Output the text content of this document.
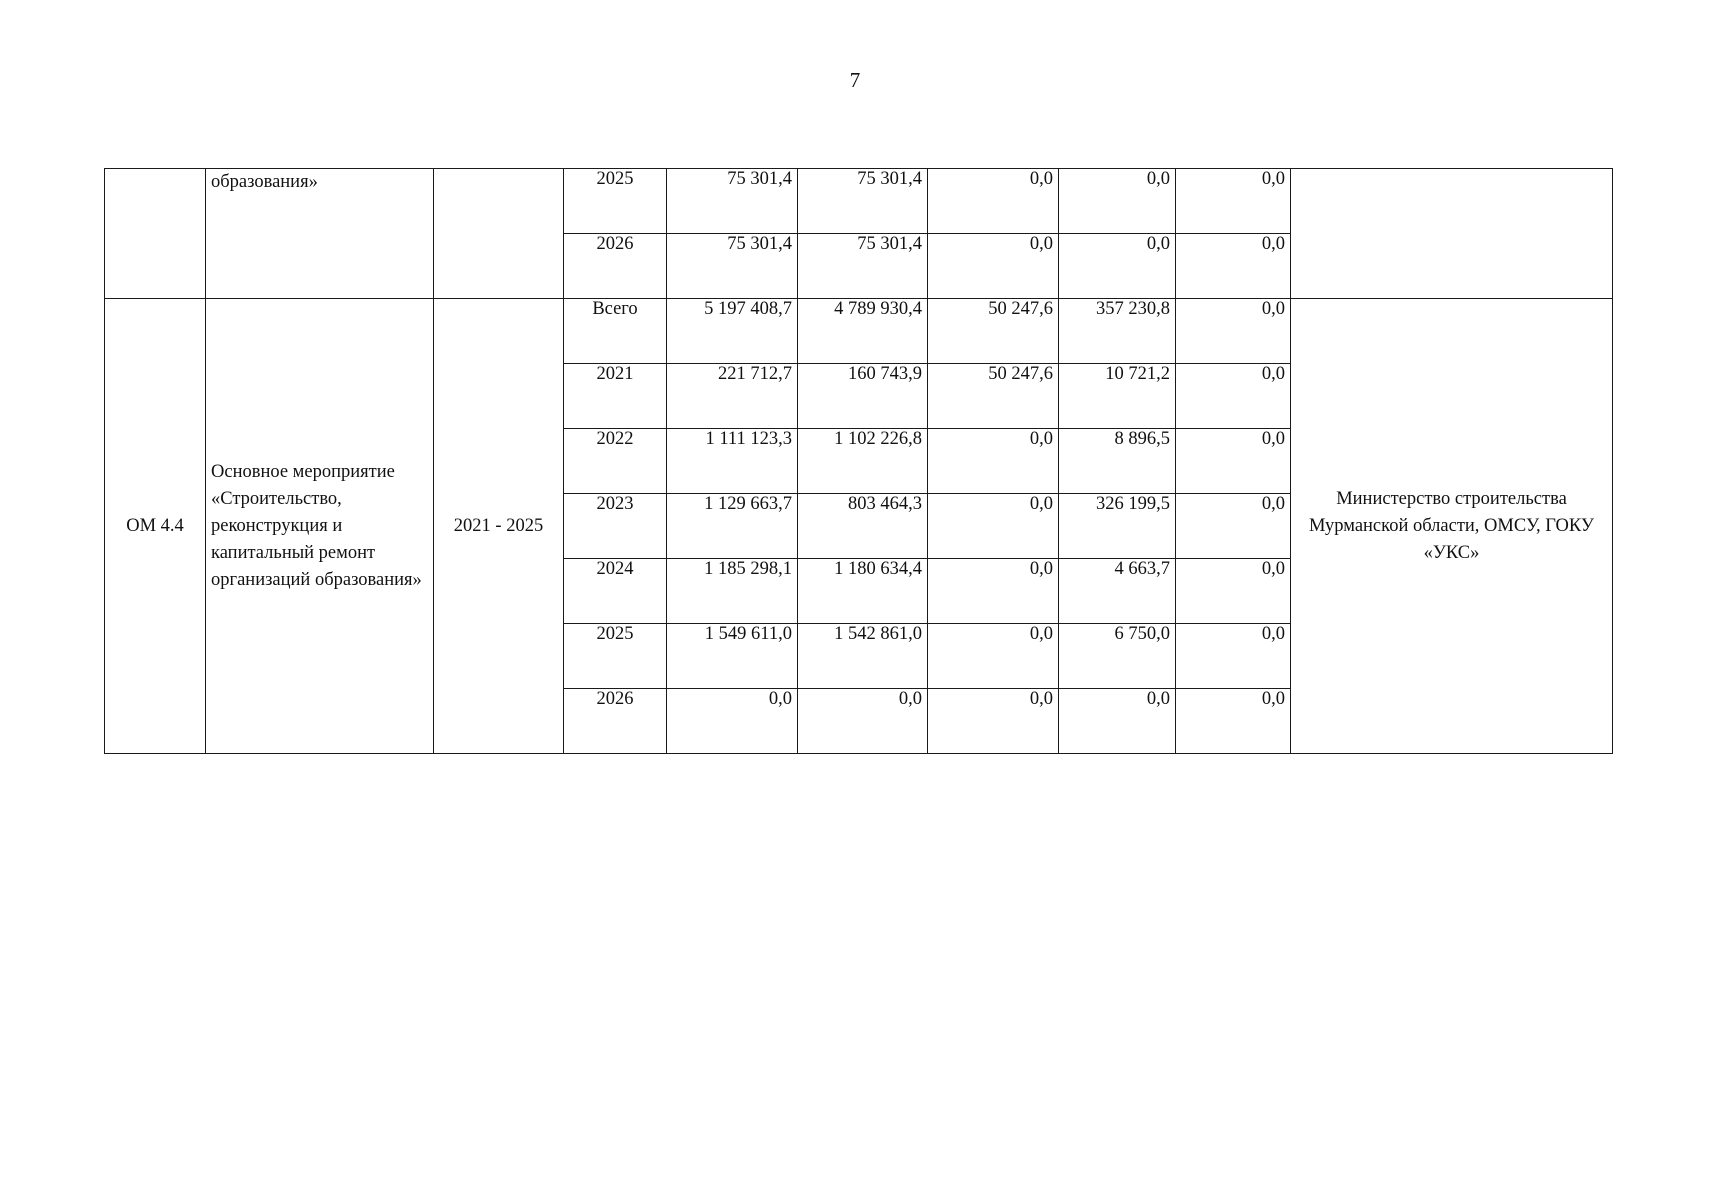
7
	образования»		2025	75 301,4	75 301,4	0,0	0,0	0,0	
			2026	75 301,4	75 301,4	0,0	0,0	0,0	
ОМ 4.4	Основное мероприятие «Строительство, реконструкция и капитальный ремонт организаций образования»	2021 - 2025	Всего	5 197 408,7	4 789 930,4	50 247,6	357 230,8	0,0	Министерство строительства Мурманской области, ОМСУ, ГОКУ «УКС»
			2021	221 712,7	160 743,9	50 247,6	10 721,2	0,0	
			2022	1 111 123,3	1 102 226,8	0,0	8 896,5	0,0	
			2023	1 129 663,7	803 464,3	0,0	326 199,5	0,0	
			2024	1 185 298,1	1 180 634,4	0,0	4 663,7	0,0	
			2025	1 549 611,0	1 542 861,0	0,0	6 750,0	0,0	
			2026	0,0	0,0	0,0	0,0	0,0	
